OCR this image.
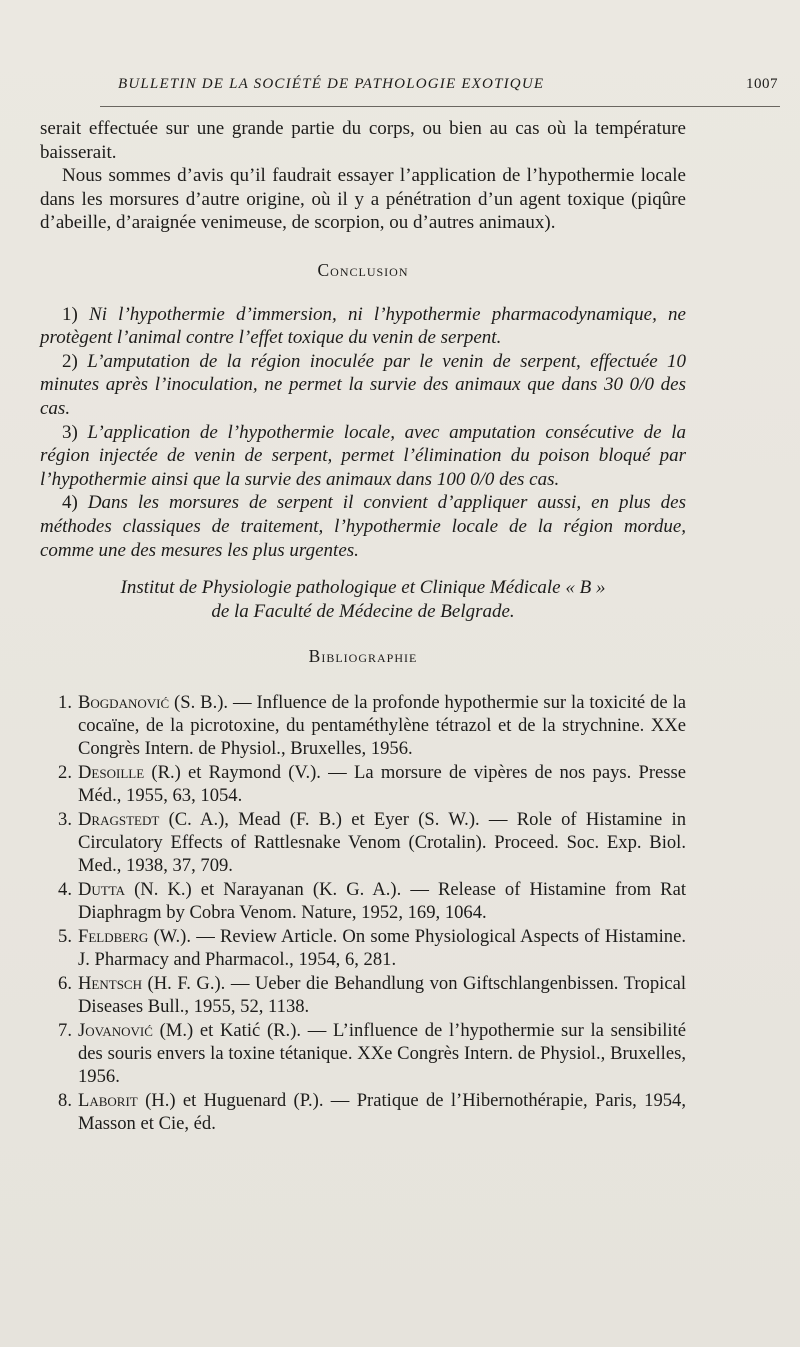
BULLETIN DE LA SOCIÉTÉ DE PATHOLOGIE EXOTIQUE	1007

serait effectuée sur une grande partie du corps, ou bien au cas où la température baisserait.

Nous sommes d’avis qu’il faudrait essayer l’application de l’hypothermie locale dans les morsures d’autre origine, où il y a pénétration d’un agent toxique (piqûre d’abeille, d’araignée venimeuse, de scorpion, ou d’autres animaux).

Conclusion

1) Ni l’hypothermie d’immersion, ni l’hypothermie pharmacodynamique, ne protègent l’animal contre l’effet toxique du venin de serpent.

2) L’amputation de la région inoculée par le venin de serpent, effectuée 10 minutes après l’inoculation, ne permet la survie des animaux que dans 30 0/0 des cas.

3) L’application de l’hypothermie locale, avec amputation consécutive de la région injectée de venin de serpent, permet l’élimination du poison bloqué par l’hypothermie ainsi que la survie des animaux dans 100 0/0 des cas.

4) Dans les morsures de serpent il convient d’appliquer aussi, en plus des méthodes classiques de traitement, l’hypothermie locale de la région mordue, comme une des mesures les plus urgentes.

Institut de Physiologie pathologique et Clinique Médicale « B »

de la Faculté de Médecine de Belgrade.

Bibliographie

1. Bogdanović (S. B.). — Influence de la profonde hypothermie sur la toxicité de la cocaïne, de la picrotoxine, du pentaméthylène tétrazol et de la strychnine. XXe Congrès Intern. de Physiol., Bruxelles, 1956.
2. Desoille (R.) et Raymond (V.). — La morsure de vipères de nos pays. Presse Méd., 1955, 63, 1054.
3. Dragstedt (C. A.), Mead (F. B.) et Eyer (S. W.). — Role of Histamine in Circulatory Effects of Rattlesnake Venom (Crotalin). Proceed. Soc. Exp. Biol. Med., 1938, 37, 709.
4. Dutta (N. K.) et Narayanan (K. G. A.). — Release of Histamine from Rat Diaphragm by Cobra Venom. Nature, 1952, 169, 1064.
5. Feldberg (W.). — Review Article. On some Physiological Aspects of Histamine. J. Pharmacy and Pharmacol., 1954, 6, 281.
6. Hentsch (H. F. G.). — Ueber die Behandlung von Giftschlangenbissen. Tropical Diseases Bull., 1955, 52, 1138.
7. Jovanović (M.) et Katić (R.). — L’influence de l’hypothermie sur la sensibilité des souris envers la toxine tétanique. XXe Congrès Intern. de Physiol., Bruxelles, 1956.
8. Laborit (H.) et Huguenard (P.). — Pratique de l’Hibernothérapie, Paris, 1954, Masson et Cie, éd.
